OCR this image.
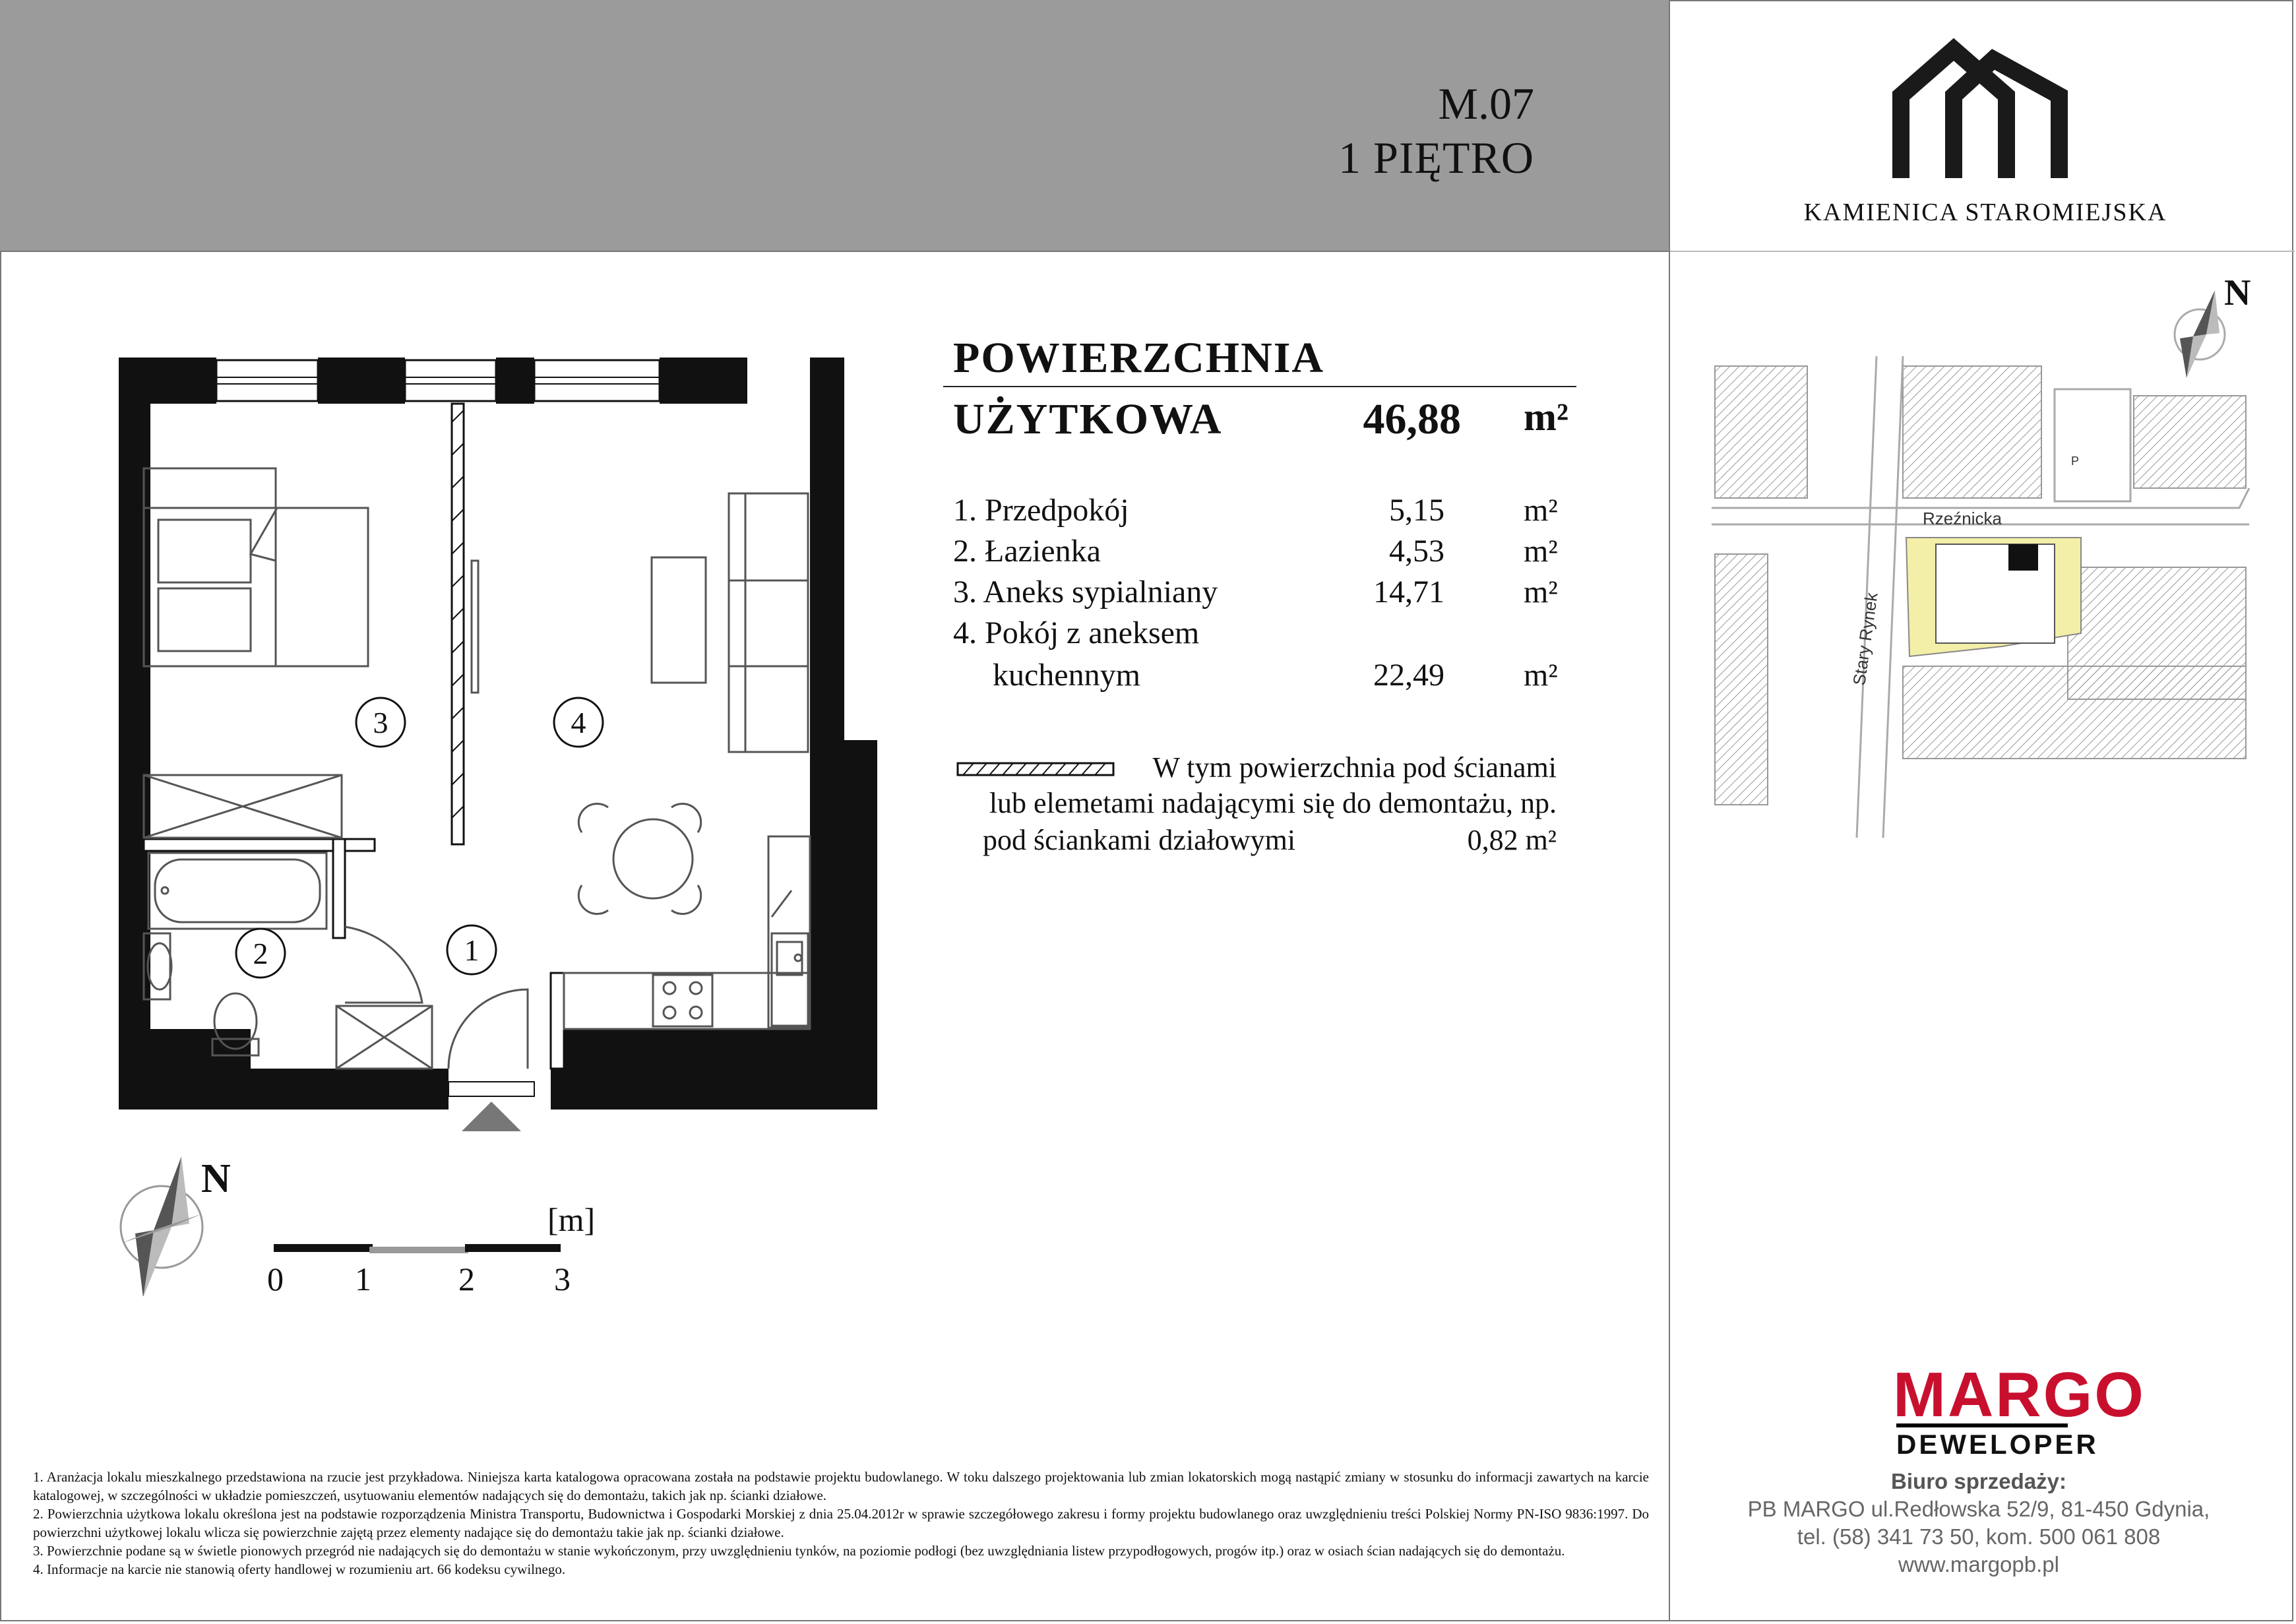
M.07
1 PIĘTRO
KAMIENICA STAROMIEJSKA
3	4
2	1
POWIERZCHNIA
UŻYTKOWA	46,88 m²
1. Przedpokój	5,15	m²
2. Łazienka	4,53	m²
3. Aneks sypialniany	14,71	m²
4. Pokój z aneksem
kuchennym	22,49	m²
W tym powierzchnia pod ścianami
lub elemetami nadającymi się do demontażu, np.
pod ściankami działowymi	0,82 m²
N
[m]
0 1	2 3
Rzeźnicka
Stary Rynek
P
N
1. Aranżacja lokalu mieszkalnego przedstawiona na rzucie jest przykładowa. Niniejsza karta katalogowa opracowana została na podstawie projektu budowlanego. W toku dalszego projektowania lub zmian lokatorskich mogą nastąpić zmiany w stosunku do informacji zawartych na karcie katalogowej, w szczególności w układzie pomieszczeń, usytuowaniu elementów nadających się do demontażu, takich jak np. ścianki działowe.
2. Powierzchnia użytkowa lokalu określona jest na podstawie rozporządzenia Ministra Transportu, Budownictwa i Gospodarki Morskiej z dnia 25.04.2012r w sprawie szczegółowego zakresu i formy projektu budowlanego oraz uwzględnieniu treści Polskiej Normy PN-ISO 9836:1997. Do powierzchni użytkowej lokalu wlicza się powierzchnie zajętą przez elementy nadające się do demontażu takie jak np. ścianki działowe.
3. Powierzchnie podane są w świetle pionowych przegród nie nadających się do demontażu w stanie wykończonym, przy uwzględnieniu tynków, na poziomie podłogi (bez uwzględniania listew przypodłogowych, progów itp.) oraz w osiach ścian nadających się do demontażu.
4. Informacje na karcie nie stanowią oferty handlowej w rozumieniu art. 66 kodeksu cywilnego.
MARGO
DEWELOPER
Biuro sprzedaży:
PB MARGO ul.Redłowska 52/9, 81-450 Gdynia,
tel. (58) 341 73 50, kom. 500 061 808
www.margopb.pl
